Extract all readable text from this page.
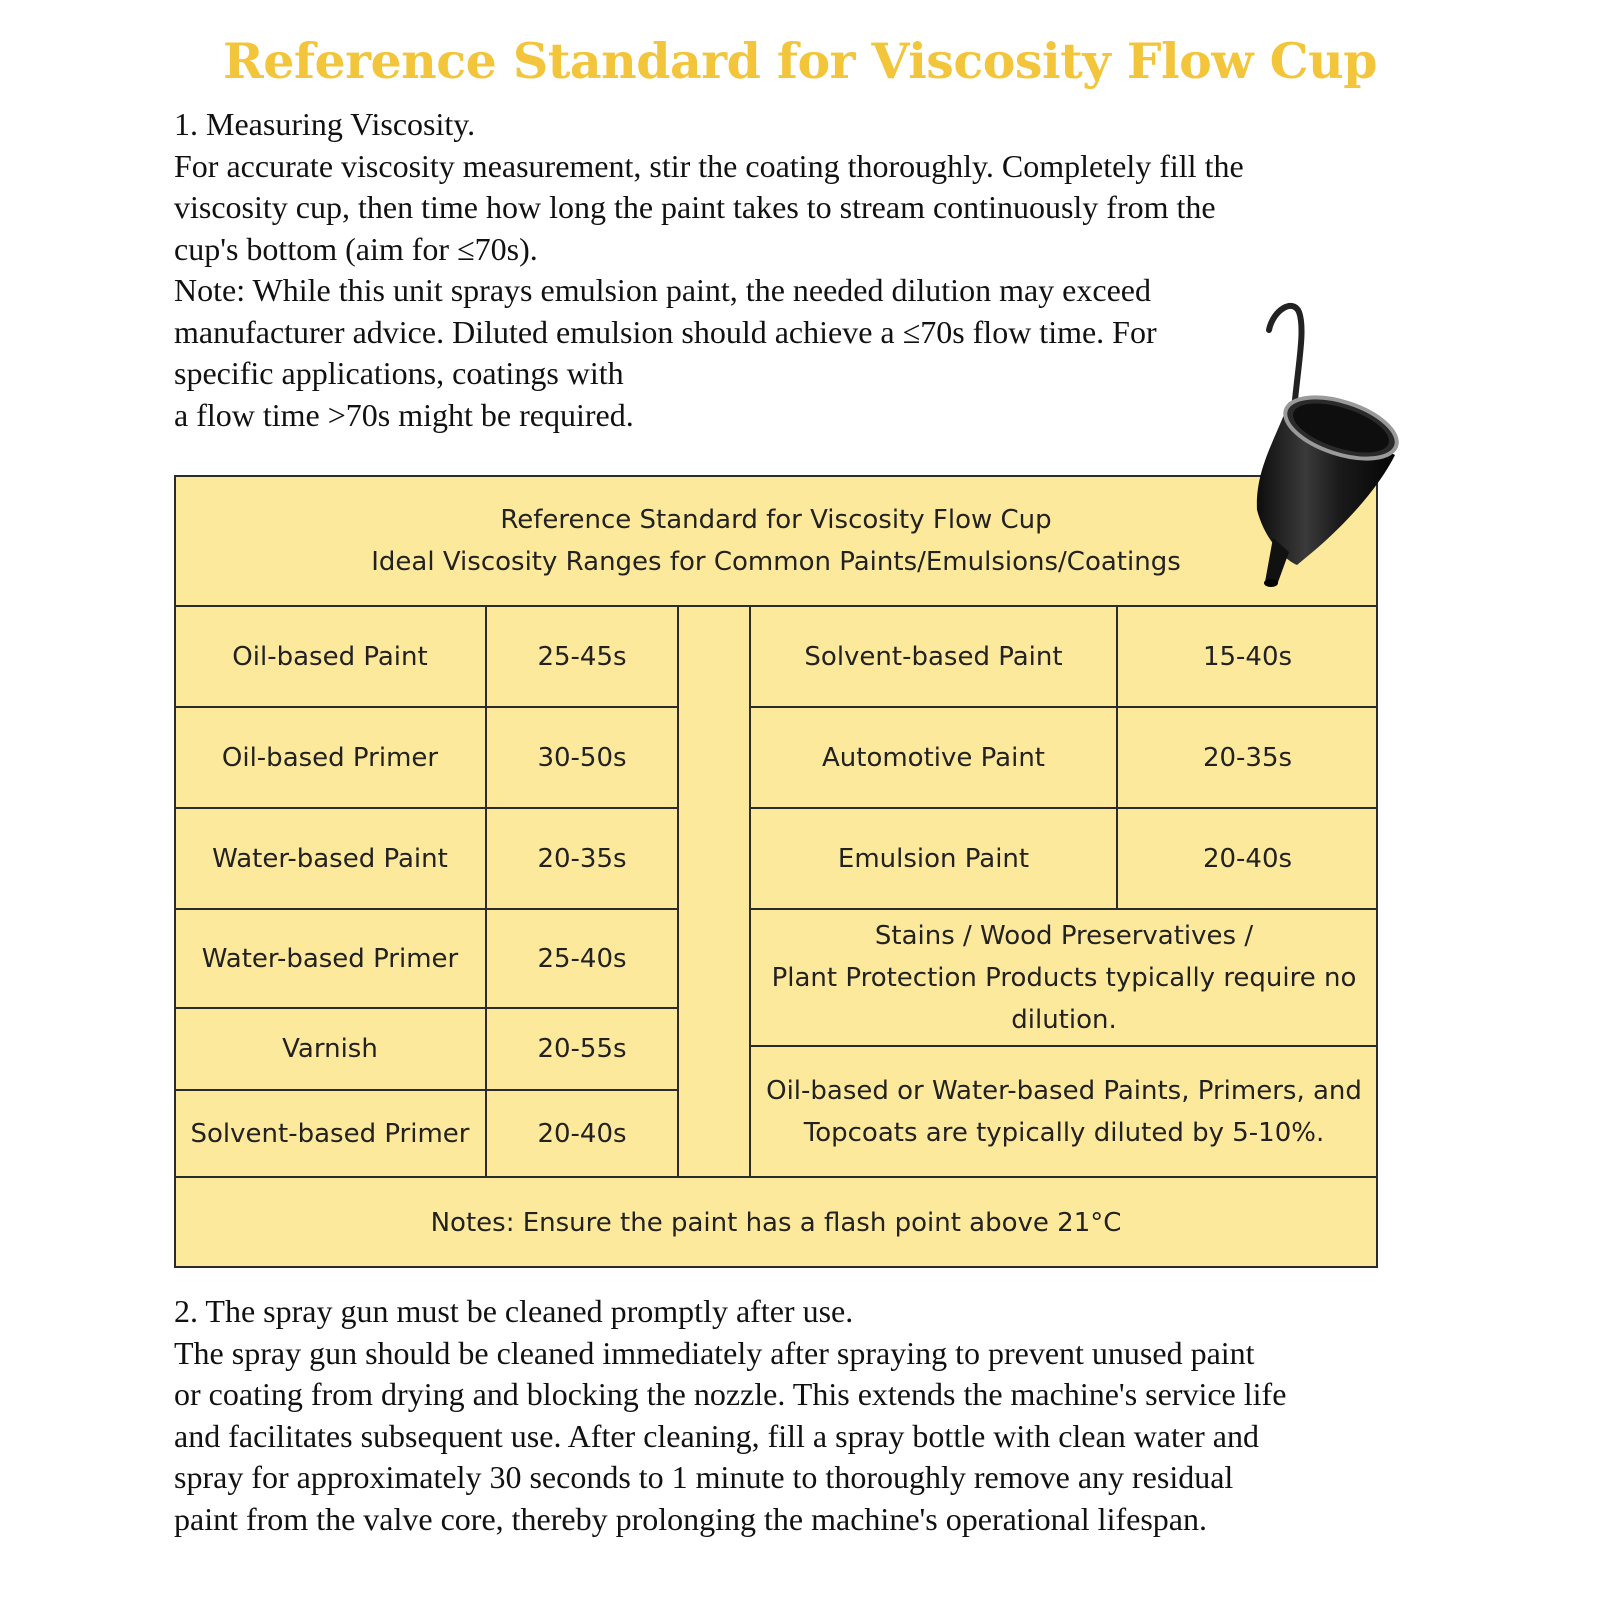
Reference Standard for Viscosity Flow Cup

1. Measuring Viscosity.

For accurate viscosity measurement, stir the coating thoroughly. Completely fill the

viscosity cup, then time how long the paint takes to stream continuously from the

cup's bottom (aim for ≤70s).

Note: While this unit sprays emulsion paint, the needed dilution may exceed

manufacturer advice. Diluted emulsion should achieve a ≤70s flow time. For

specific applications, coatings with

a flow time >70s might be required.

Reference Standard for Viscosity Flow Cup
Ideal Viscosity Ranges for Common Paints/Emulsions/Coatings
Oil-based Paint	25-45s
Oil-based Primer	30-50s
Water-based Paint	20-35s
Water-based Primer	25-40s
Varnish	20-55s
Solvent-based Primer	20-40s
Solvent-based Paint	15-40s
Automotive Paint	20-35s
Emulsion Paint	20-40s
Stains / Wood Preservatives /
Plant Protection Products typically require no
dilution.
Oil-based or Water-based Paints, Primers, and
Topcoats are typically diluted by 5-10%.
Notes: Ensure the paint has a flash point above 21°C

2. The spray gun must be cleaned promptly after use.

The spray gun should be cleaned immediately after spraying to prevent unused paint

or coating from drying and blocking the nozzle. This extends the machine's service life

and facilitates subsequent use. After cleaning, fill a spray bottle with clean water and

spray for approximately 30 seconds to 1 minute to thoroughly remove any residual

paint from the valve core, thereby prolonging the machine's operational lifespan.
